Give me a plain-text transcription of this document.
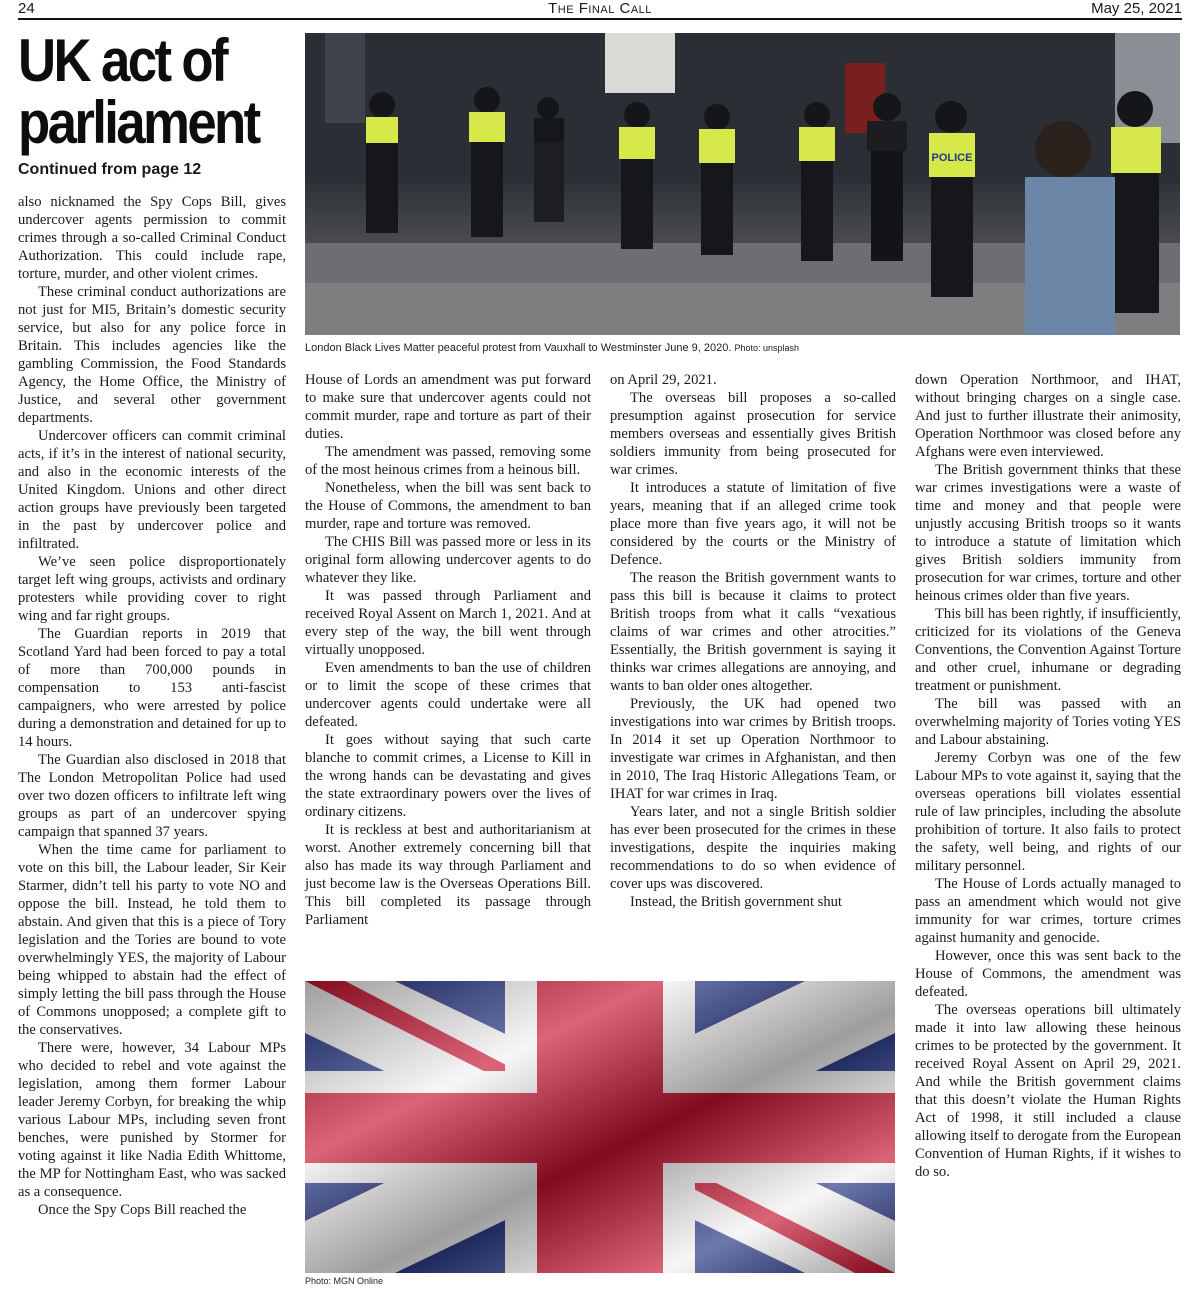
24	The Final Call	May 25, 2021
UK act of parliament
Continued from page 12
POLICE
London Black Lives Matter peaceful protest from Vauxhall to Westminster June 9, 2020. Photo: unsplash

also nicknamed the Spy Cops Bill, gives undercover agents permission to commit crimes through a so-called Criminal Conduct Authorization. This could include rape, torture, murder, and other violent crimes.

These criminal conduct authorizations are not just for MI5, Britain’s domestic security service, but also for any police force in Britain. This includes agencies like the gambling Commission, the Food Standards Agency, the Home Office, the Ministry of Justice, and several other government departments.

Undercover officers can commit criminal acts, if it’s in the interest of national security, and also in the economic interests of the United Kingdom. Unions and other direct action groups have previously been targeted in the past by undercover police and infiltrated.

We’ve seen police disproportionately target left wing groups, activists and ordinary protesters while providing cover to right wing and far right groups.

The Guardian reports in 2019 that Scotland Yard had been forced to pay a total of more than 700,000 pounds in compensation to 153 anti-fascist campaigners, who were arrested by police during a demonstration and detained for up to 14 hours.

The Guardian also disclosed in 2018 that The London Metropolitan Police had used over two dozen officers to infiltrate left wing groups as part of an undercover spying campaign that spanned 37 years.

When the time came for parliament to vote on this bill, the Labour leader, Sir Keir Starmer, didn’t tell his party to vote NO and oppose the bill. Instead, he told them to abstain. And given that this is a piece of Tory legislation and the Tories are bound to vote overwhelmingly YES, the majority of Labour being whipped to abstain had the effect of simply letting the bill pass through the House of Commons unopposed; a complete gift to the conservatives.

There were, however, 34 Labour MPs who decided to rebel and vote against the legislation, among them former Labour leader Jeremy Corbyn, for breaking the whip various Labour MPs, including seven front benches, were punished by Stormer for voting against it like Nadia Edith Whittome, the MP for Nottingham East, who was sacked as a consequence.

Once the Spy Cops Bill reached the

House of Lords an amendment was put forward to make sure that undercover agents could not commit murder, rape and torture as part of their duties.

The amendment was passed, removing some of the most heinous crimes from a heinous bill.

Nonetheless, when the bill was sent back to the House of Commons, the amendment to ban murder, rape and torture was removed.

The CHIS Bill was passed more or less in its original form allowing undercover agents to do whatever they like.

It was passed through Parliament and received Royal Assent on March 1, 2021. And at every step of the way, the bill went through virtually unopposed.

Even amendments to ban the use of children or to limit the scope of these crimes that undercover agents could undertake were all defeated.

It goes without saying that such carte blanche to commit crimes, a License to Kill in the wrong hands can be devastating and gives the state extraordinary powers over the lives of ordinary citizens.

It is reckless at best and authoritarianism at worst. Another extremely concerning bill that also has made its way through Parliament and just become law is the Overseas Operations Bill. This bill completed its passage through Parliament

on April 29, 2021.

The overseas bill proposes a so-called presumption against prosecution for service members overseas and essentially gives British soldiers immunity from being prosecuted for war crimes.

It introduces a statute of limitation of five years, meaning that if an alleged crime took place more than five years ago, it will not be considered by the courts or the Ministry of Defence.

The reason the British government wants to pass this bill is because it claims to protect British troops from what it calls “vexatious claims of war crimes and other atrocities.” Essentially, the British government is saying it thinks war crimes allegations are annoying, and wants to ban older ones altogether.

Previously, the UK had opened two investigations into war crimes by British troops. In 2014 it set up Operation Northmoor to investigate war crimes in Afghanistan, and then in 2010, The Iraq Historic Allegations Team, or IHAT for war crimes in Iraq.

Years later, and not a single British soldier has ever been prosecuted for the crimes in these investigations, despite the inquiries making recommendations to do so when evidence of cover ups was discovered.

Instead, the British government shut

down Operation Northmoor, and IHAT, without bringing charges on a single case. And just to further illustrate their animosity, Operation Northmoor was closed before any Afghans were even interviewed.

The British government thinks that these war crimes investigations were a waste of time and money and that people were unjustly accusing British troops so it wants to introduce a statute of limitation which gives British soldiers immunity from prosecution for war crimes, torture and other heinous crimes older than five years.

This bill has been rightly, if insufficiently, criticized for its violations of the Geneva Conventions, the Convention Against Torture and other cruel, inhumane or degrading treatment or punishment.

The bill was passed with an overwhelming majority of Tories voting YES and Labour abstaining.

Jeremy Corbyn was one of the few Labour MPs to vote against it, saying that the overseas operations bill violates essential rule of law principles, including the absolute prohibition of torture. It also fails to protect the safety, well being, and rights of our military personnel.

The House of Lords actually managed to pass an amendment which would not give immunity for war crimes, torture crimes against humanity and genocide.

However, once this was sent back to the House of Commons, the amendment was defeated.

The overseas operations bill ultimately made it into law allowing these heinous crimes to be protected by the government. It received Royal Assent on April 29, 2021. And while the British government claims that this doesn’t violate the Human Rights Act of 1998, it still included a clause allowing itself to derogate from the European Convention of Human Rights, if it wishes to do so.

Photo: MGN Online
